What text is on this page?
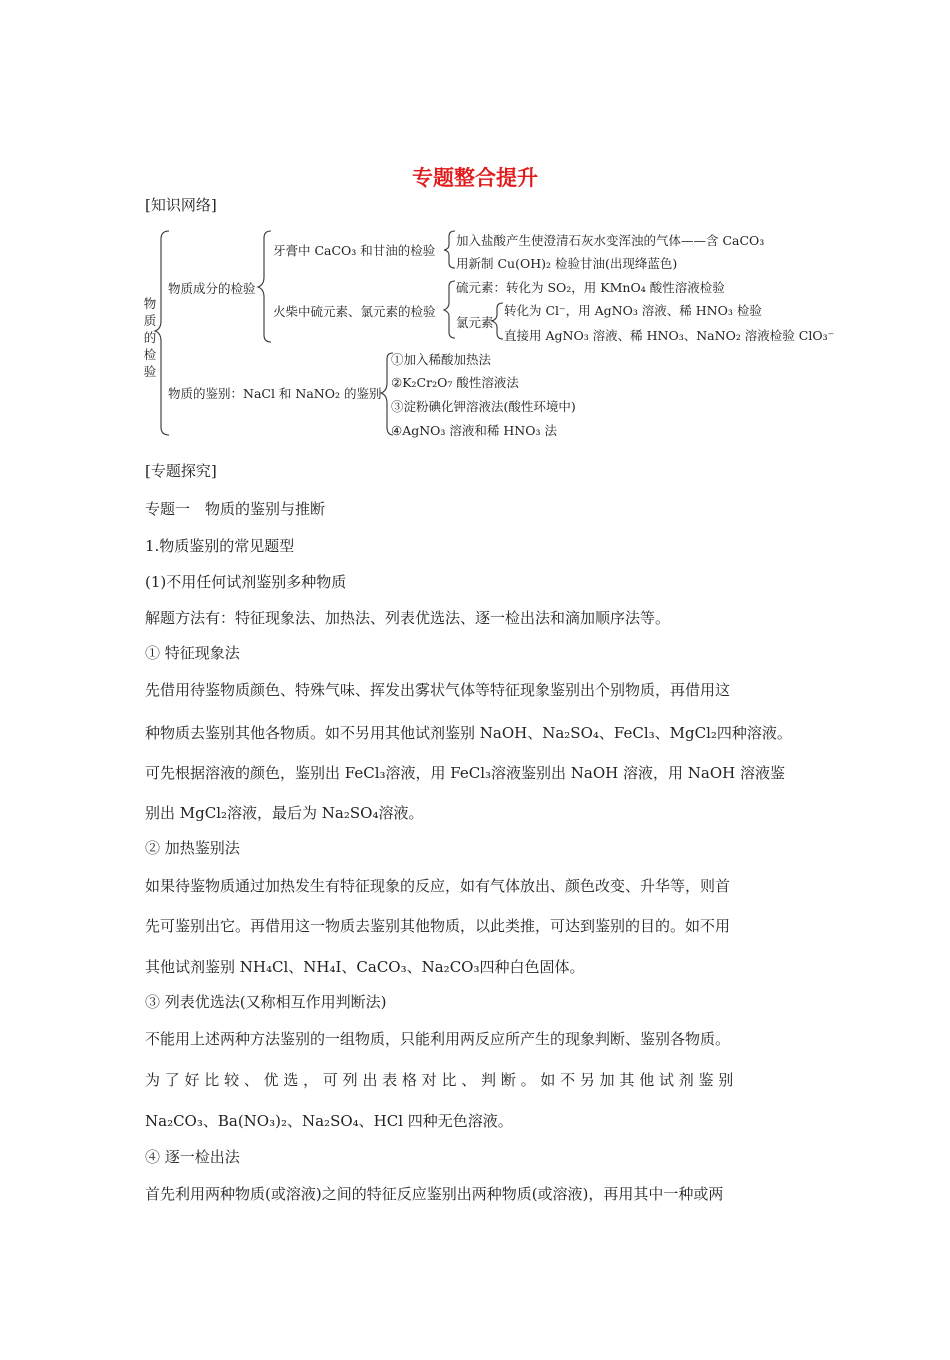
专题整合提升
[知识网络]
物
质
的
检
验
物质成分的检验
牙膏中 CaCO₃ 和甘油的检验
加入盐酸产生使澄清石灰水变浑浊的气体——含 CaCO₃
用新制 Cu(OH)₂ 检验甘油(出现绛蓝色)
火柴中硫元素、氯元素的检验
硫元素：转化为 SO₂，用 KMnO₄ 酸性溶液检验
氯元素
转化为 Cl⁻，用 AgNO₃ 溶液、稀 HNO₃ 检验
直接用 AgNO₃ 溶液、稀 HNO₃、NaNO₂ 溶液检验 ClO₃⁻
物质的鉴别：NaCl 和 NaNO₂ 的鉴别
①加入稀酸加热法
②K₂Cr₂O₇ 酸性溶液法
③淀粉碘化钾溶液法(酸性环境中)
④AgNO₃ 溶液和稀 HNO₃ 法
[专题探究]
专题一　物质的鉴别与推断
1.物质鉴别的常见题型
(1)不用任何试剂鉴别多种物质
解题方法有：特征现象法、加热法、列表优选法、逐一检出法和滴加顺序法等。
① 特征现象法
先借用待鉴物质颜色、特殊气味、挥发出雾状气体等特征现象鉴别出个别物质，再借用这
种物质去鉴别其他各物质。如不另用其他试剂鉴别 NaOH、Na₂SO₄、FeCl₃、MgCl₂四种溶液。
可先根据溶液的颜色，鉴别出 FeCl₃溶液，用 FeCl₃溶液鉴别出 NaOH 溶液，用 NaOH 溶液鉴
别出 MgCl₂溶液，最后为 Na₂SO₄溶液。
② 加热鉴别法
如果待鉴物质通过加热发生有特征现象的反应，如有气体放出、颜色改变、升华等，则首
先可鉴别出它。再借用这一物质去鉴别其他物质，以此类推，可达到鉴别的目的。如不用
其他试剂鉴别 NH₄Cl、NH₄I、CaCO₃、Na₂CO₃四种白色固体。
③ 列表优选法(又称相互作用判断法)
不能用上述两种方法鉴别的一组物质，只能利用两反应所产生的现象判断、鉴别各物质。
为 了 好 比 较 、 优 选 ， 可 列 出 表 格 对 比 、 判 断 。 如 不 另 加 其 他 试 剂 鉴 别
Na₂CO₃、Ba(NO₃)₂、Na₂SO₄、HCl 四种无色溶液。
④ 逐一检出法
首先利用两种物质(或溶液)之间的特征反应鉴别出两种物质(或溶液)，再用其中一种或两
